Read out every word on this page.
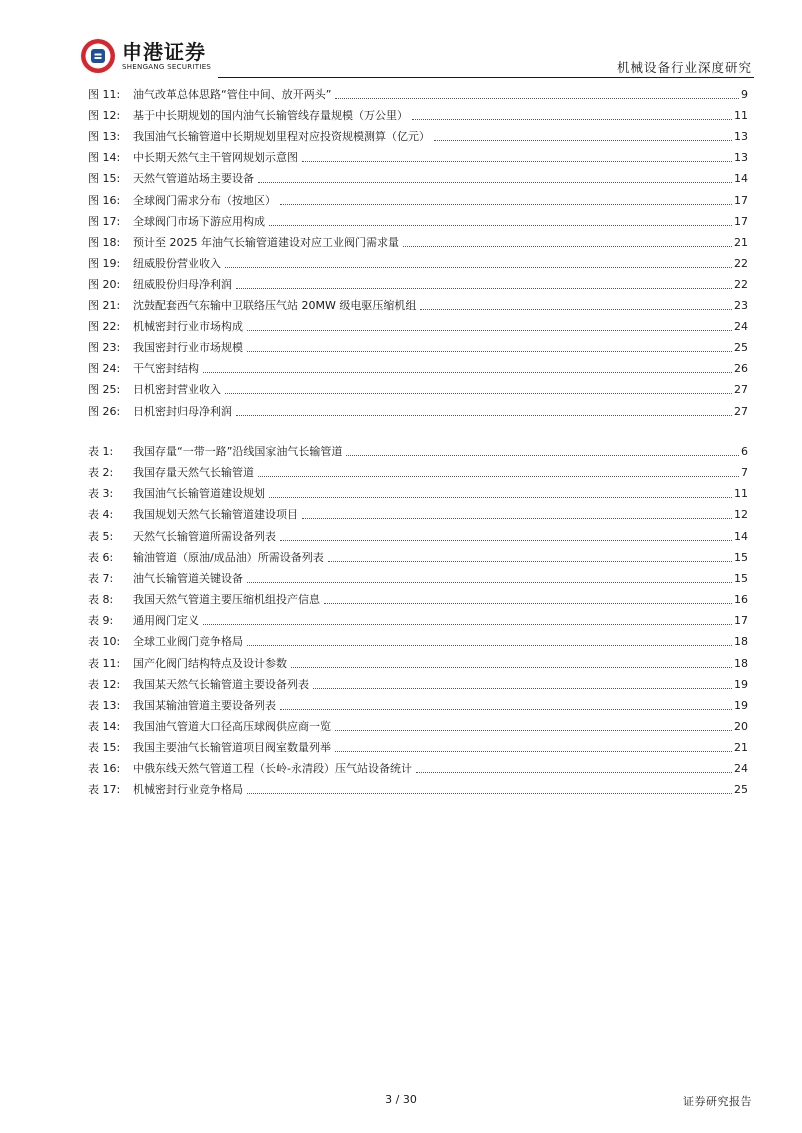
申港证券
SHENGANG SECURITIES	机械设备行业深度研究
图 11:	油气改革总体思路“管住中间、放开两头”	9
图 12:	基于中长期规划的国内油气长输管线存量规模（万公里）	11
图 13:	我国油气长输管道中长期规划里程对应投资规模测算（亿元）	13
图 14:	中长期天然气主干管网规划示意图	13
图 15:	天然气管道站场主要设备	14
图 16:	全球阀门需求分布（按地区）	17
图 17:	全球阀门市场下游应用构成	17
图 18:	预计至 2025 年油气长输管道建设对应工业阀门需求量	21
图 19:	纽威股份营业收入	22
图 20:	纽威股份归母净利润	22
图 21:	沈鼓配套西气东输中卫联络压气站 20MW 级电驱压缩机组	23
图 22:	机械密封行业市场构成	24
图 23:	我国密封行业市场规模	25
图 24:	干气密封结构	26
图 25:	日机密封营业收入	27
图 26:	日机密封归母净利润	27
表 1:	我国存量“一带一路”沿线国家油气长输管道	6
表 2:	我国存量天然气长输管道	7
表 3:	我国油气长输管道建设规划	11
表 4:	我国规划天然气长输管道建设项目	12
表 5:	天然气长输管道所需设备列表	14
表 6:	输油管道（原油/成品油）所需设备列表	15
表 7:	油气长输管道关键设备	15
表 8:	我国天然气管道主要压缩机组投产信息	16
表 9:	通用阀门定义	17
表 10:	全球工业阀门竞争格局	18
表 11:	国产化阀门结构特点及设计参数	18
表 12:	我国某天然气长输管道主要设备列表	19
表 13:	我国某输油管道主要设备列表	19
表 14:	我国油气管道大口径高压球阀供应商一览	20
表 15:	我国主要油气长输管道项目阀室数量列举	21
表 16:	中俄东线天然气管道工程（长岭-永清段）压气站设备统计	24
表 17:	机械密封行业竞争格局	25
3 / 30	证券研究报告
